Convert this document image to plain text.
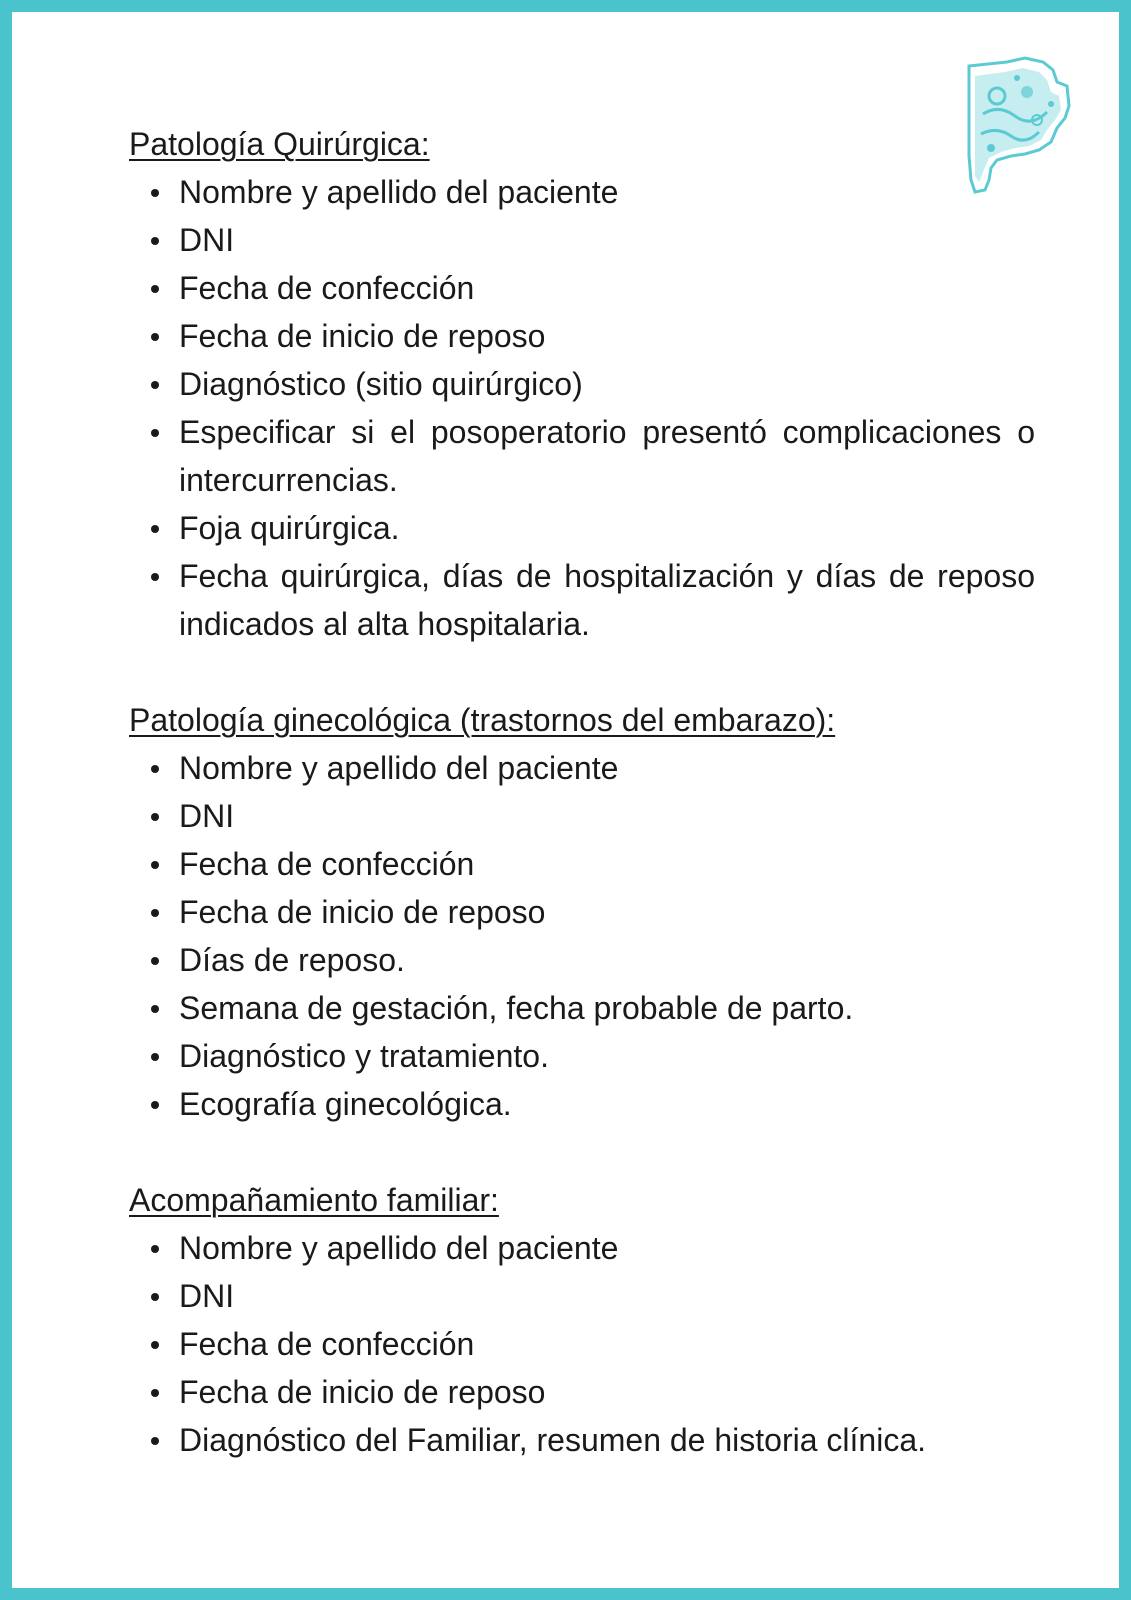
Patología Quirúrgica:

Nombre y apellido del paciente
DNI
Fecha de confección
Fecha de inicio de reposo
Diagnóstico (sitio quirúrgico)
Especificar si el posoperatorio presentó complicaciones o intercurrencias.
Foja quirúrgica.
Fecha quirúrgica, días de hospitalización y días de reposo indicados al alta hospitalaria.

Patología ginecológica (trastornos del embarazo):

Nombre y apellido del paciente
DNI
Fecha de confección
Fecha de inicio de reposo
Días de reposo.
Semana de gestación, fecha probable de parto.
Diagnóstico y tratamiento.
Ecografía ginecológica.

Acompañamiento familiar:

Nombre y apellido del paciente
DNI
Fecha de confección
Fecha de inicio de reposo
Diagnóstico del Familiar, resumen de historia clínica.
